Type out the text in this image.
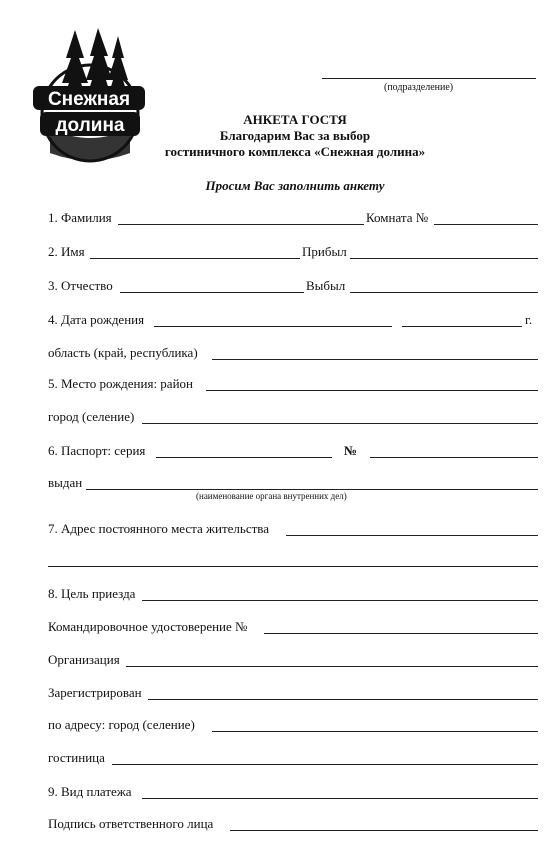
Снежная
долина
(подразделение)
АНКЕТА ГОСТЯ
Благодарим Вас за выбор
гостиничного комплекса «Снежная долина»
Просим Вас заполнить анкету
1. Фамилия	Комната №
2. Имя	Прибыл
3. Отчество	Выбыл
4. Дата рождения	г.
область (край, республика)
5. Место рождения: район
город (селение)
6. Паспорт: серия	№
выдан
(наименование органа внутренних дел)
7. Адрес постоянного места жительства
8. Цель приезда
Командировочное удостоверение №
Организация
Зарегистрирован
по адресу: город (селение)
гостиница
9. Вид платежа
Подпись ответственного лица
